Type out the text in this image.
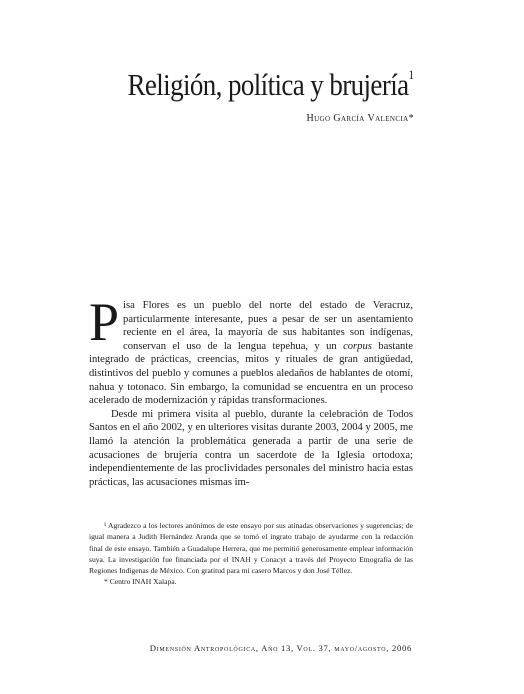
Religión, política y brujería$^1$

Hugo García Valencia*

Pisa Flores es un pueblo del norte del estado de Veracruz, particularmente interesante, pues a pesar de ser un asentamiento reciente en el área, la mayoría de sus habitantes son indígenas, conservan el uso de la lengua tepehua, y un corpus bastante integrado de prácticas, creencias, mitos y rituales de gran antigüedad, distintivos del pueblo y comunes a pueblos aledaños de hablantes de otomí, nahua y totonaco. Sin embargo, la comunidad se encuentra en un proceso acelerado de modernización y rápidas transformaciones.

Desde mi primera visita al pueblo, durante la celebración de Todos Santos en el año 2002, y en ulteriores visitas durante 2003, 2004 y 2005, me llamó la atención la problemática generada a partir de una serie de acusaciones de brujería contra un sacerdote de la Iglesia ortodoxa; independientemente de las proclividades personales del ministro hacia estas prácticas, las acusaciones mismas im-

¹ Agradezco a los lectores anónimos de este ensayo por sus atinadas observaciones y sugerencias; de igual manera a Judith Hernández Aranda que se tomó el ingrato trabajo de ayudarme con la redacción final de este ensayo. También a Guadalupe Herrera, que me permitió generosamente emplear información suya. La investigación fue financiada por el INAH y Conacyt a través del Proyecto Etnografía de las Regiones Indígenas de México. Con gratitud para mi casero Marcos y don José Téllez.

* Centro INAH Xalapa.

Dimensión Antropológica, Año 13, Vol. 37, mayo/agosto, 2006
